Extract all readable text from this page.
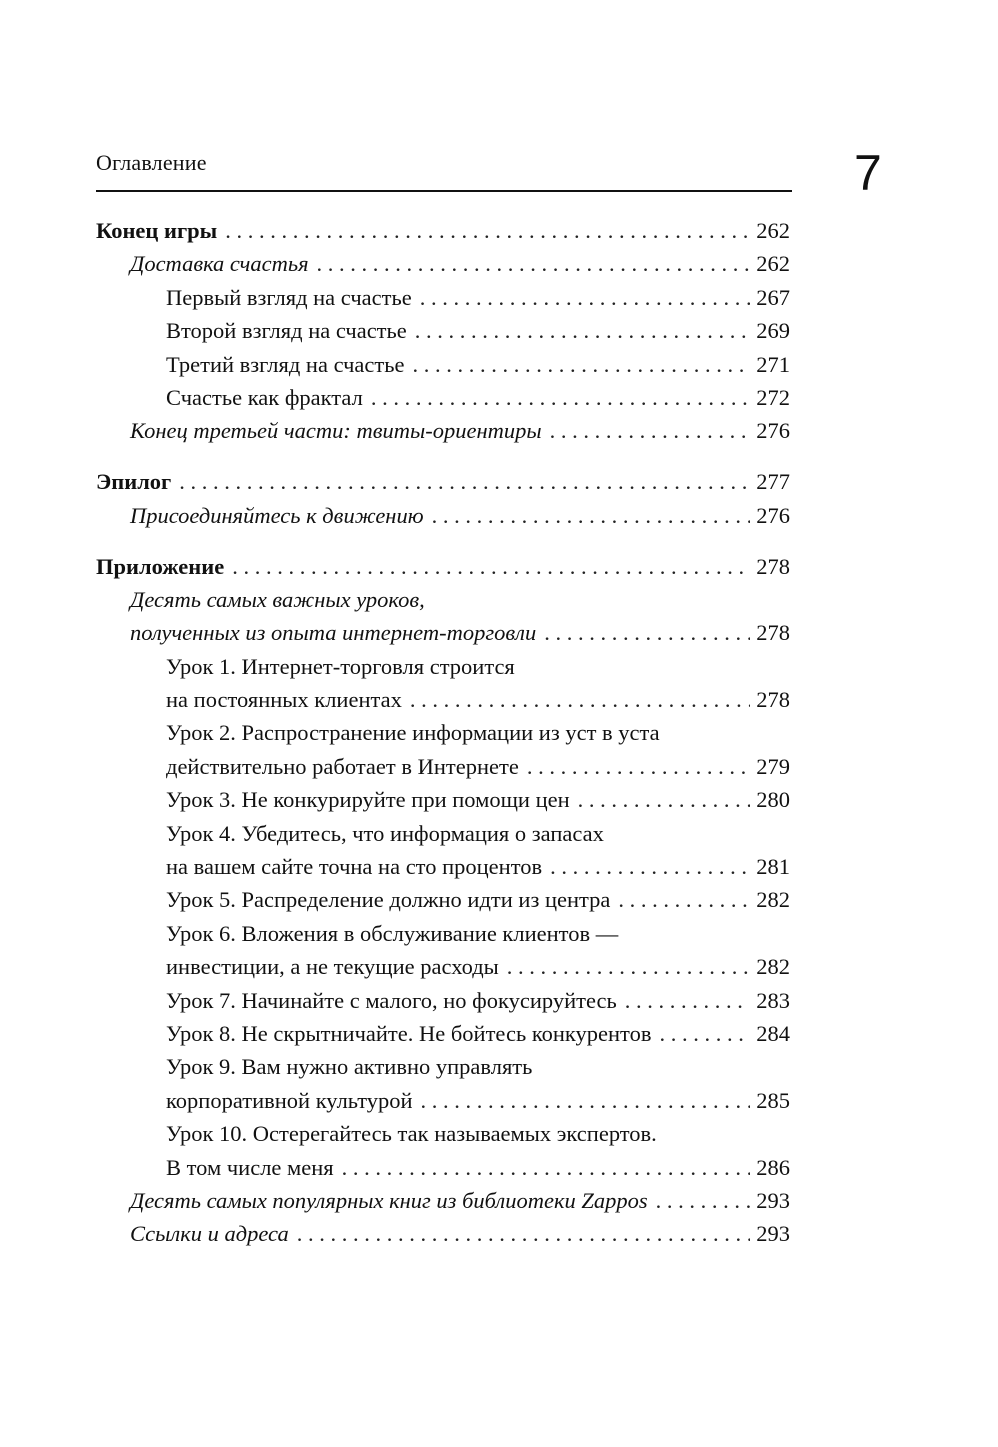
Оглавление	7
Конец игры . . .	262
Доставка счастья . . .	262
Первый взгляд на счастье . . .	267
Второй взгляд на счастье . . .	269
Третий взгляд на счастье . . .	271
Счастье как фрактал . . .	272
Конец третьей части: твиты-ориентиры . . .	276
Эпилог . . .	277
Присоединяйтесь к движению . . .	276
Приложение . . .	278
Десять самых важных уроков,
полученных из опыта интернет-торговли . . .	278
Урок 1. Интернет-торговля строится
на постоянных клиентах . . .	278
Урок 2. Распространение информации из уст в уста
действительно работает в Интернете . . .	279
Урок 3. Не конкурируйте при помощи цен . . .	280
Урок 4. Убедитесь, что информация о запасах
на вашем сайте точна на сто процентов . . .	281
Урок 5. Распределение должно идти из центра . . .	282
Урок 6. Вложения в обслуживание клиентов —
инвестиции, а не текущие расходы . . .	282
Урок 7. Начинайте с малого, но фокусируйтесь . . .	283
Урок 8. Не скрытничайте. Не бойтесь конкурентов . . .	284
Урок 9. Вам нужно активно управлять
корпоративной культурой . . .	285
Урок 10. Остерегайтесь так называемых экспертов.
В том числе меня . . .	286
Десять самых популярных книг из библиотеки Zappos . . .	293
Ссылки и адреса . . .	293
